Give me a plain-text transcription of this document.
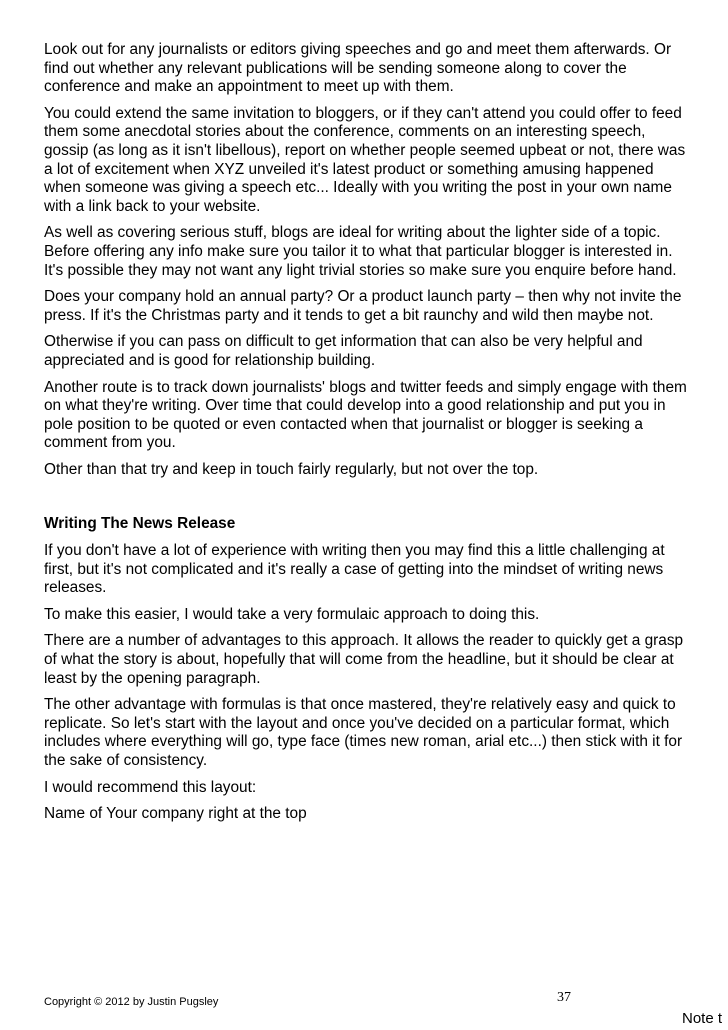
Look out for any journalists or editors giving speeches and go and meet them afterwards. Or find out whether any relevant publications will be sending someone along to cover the conference and make an appointment to meet up with them.

You could extend the same invitation to bloggers, or if they can't attend you could offer to feed them some anecdotal stories about the conference, comments on an interesting speech, gossip (as long as it isn't libellous), report on whether people seemed upbeat or not, there was a lot of excitement when XYZ unveiled it's latest product or something amusing happened when someone was giving a speech etc... Ideally with you writing the post in your own name with a link back to your website.

As well as covering serious stuff, blogs are ideal for writing about the lighter side of a topic. Before offering any info make sure you tailor it to what that particular blogger is interested in. It's possible they may not want any light trivial stories so make sure you enquire before hand.

Does your company hold an annual party? Or a product launch party – then why not invite the press. If it's the Christmas party and it tends to get a bit raunchy and wild then maybe not.

Otherwise if you can pass on difficult to get information that can also be very helpful and appreciated and is good for relationship building.

Another route is to track down journalists' blogs and twitter feeds and simply engage with them on what they're writing. Over time that could develop into a good relationship and put you in pole position to be quoted or even contacted when that journalist or blogger is seeking a comment from you.

Other than that try and keep in touch fairly regularly, but not over the top.

Writing The News Release

If you don't have a lot of experience with writing then you may find this a little challenging at first, but it's not complicated and it's really a case of getting into the mindset of writing news releases.

To make this easier, I would take a very formulaic approach to doing this.

There are a number of advantages to this approach. It allows the reader to quickly get a grasp of what the story is about, hopefully that will come from the headline, but it should be clear at least by the opening paragraph.

The other advantage with formulas is that once mastered, they're relatively easy and quick to replicate. So let's start with the layout and once you've decided on a particular format, which includes where everything will go, type face (times new roman, arial etc...) then stick with it for the sake of consistency.

I would recommend this layout:

Name of Your company right at the top

Copyright © 2012 by Justin Pugsley	37
Note t
